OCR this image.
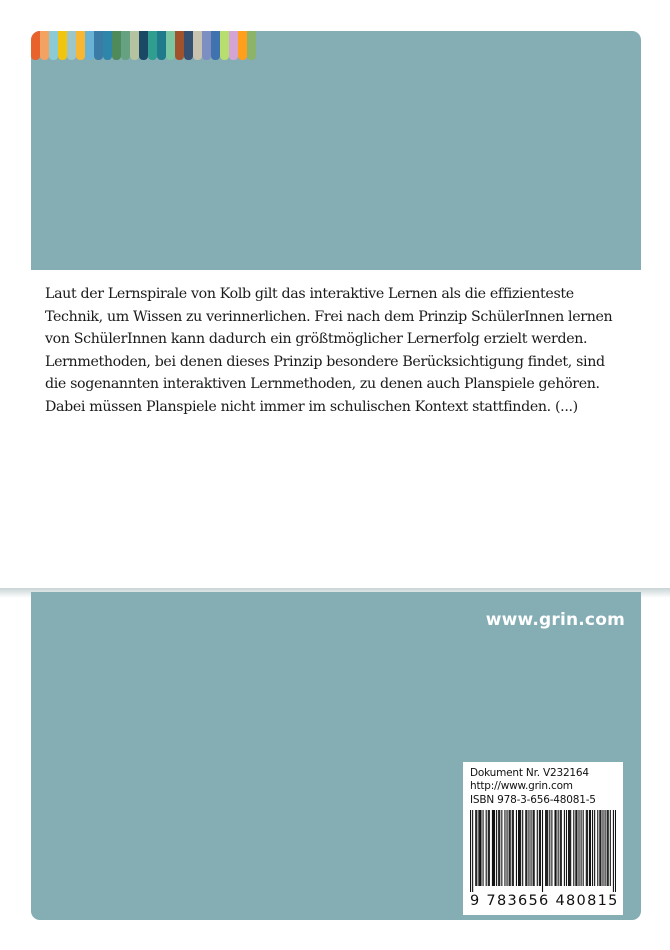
Laut der Lernspirale von Kolb gilt das interaktive Lernen als die effizienteste Technik, um Wissen zu verinnerlichen. Frei nach dem Prinzip SchülerInnen lernen von SchülerInnen kann dadurch ein größtmöglicher Lernerfolg erzielt werden. Lernmethoden, bei denen dieses Prinzip besondere Berücksichtigung findet, sind die sogenannten interaktiven Lernmethoden, zu denen auch Planspiele gehören. Dabei müssen Planspiele nicht immer im schulischen Kontext stattfinden. (...)

www.grin.com
Dokument Nr. V232164
http://www.grin.com
ISBN 978-3-656-48081-5
9 783656 480815
